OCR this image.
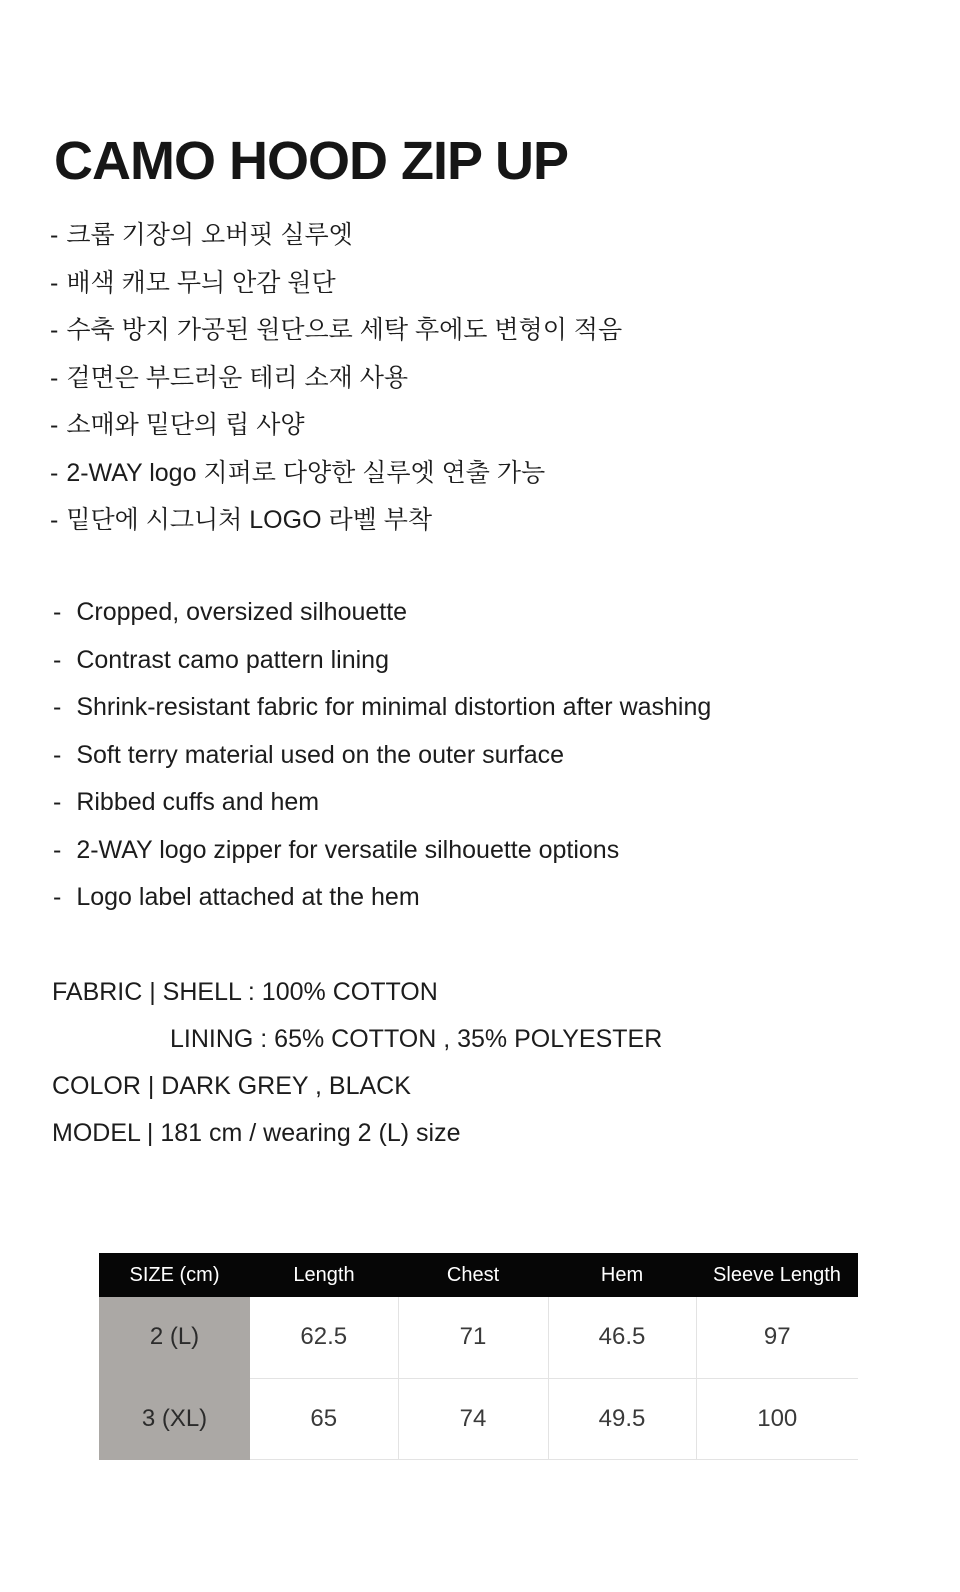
CAMO HOOD ZIP UP
- 크롭 기장의 오버핏 실루엣
- 배색 캐모 무늬 안감 원단
- 수축 방지 가공된 원단으로 세탁 후에도 변형이 적음
- 겉면은 부드러운 테리 소재 사용
- 소매와 밑단의 립 사양
- 2-WAY logo 지퍼로 다양한 실루엣 연출 가능
- 밑단에 시그니처 LOGO 라벨 부착
- Cropped, oversized silhouette
- Contrast camo pattern lining
- Shrink-resistant fabric for minimal distortion after washing
- Soft terry material used on the outer surface
- Ribbed cuffs and hem
- 2-WAY logo zipper for versatile silhouette options
- Logo label attached at the hem
FABRIC | SHELL : 100% COTTON
LINING : 65% COTTON , 35% POLYESTER
COLOR | DARK GREY , BLACK
MODEL | 181 cm / wearing 2 (L) size
SIZE (cm)	Length	Chest	Hem	Sleeve Length
2 (L)	62.5	71	46.5	97
3 (XL)	65	74	49.5	100
